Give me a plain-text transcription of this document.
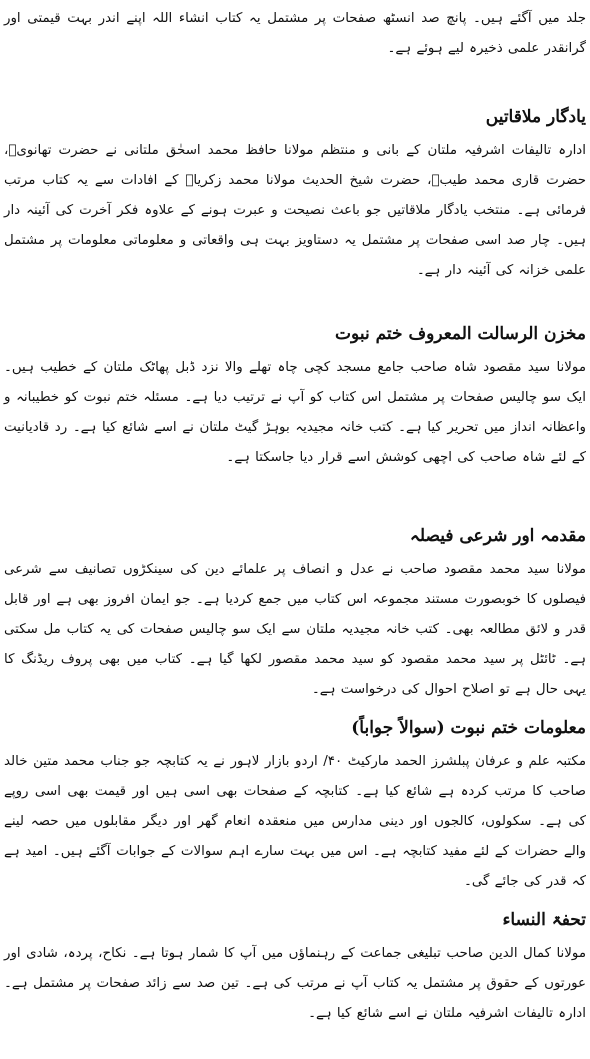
جلد میں آگئے ہیں۔ پانچ صد انسٹھ صفحات پر مشتمل یہ کتاب انشاء اللہ اپنے اندر بہت قیمتی اور گرانقدر علمی ذخیرہ لیے ہوئے ہے۔

یادگار ملاقاتیں

ادارہ تالیفات اشرفیہ ملتان کے بانی و منتظم مولانا حافظ محمد اسحٰق ملتانی نے حضرت تھانویؒ، حضرت قاری محمد طیبؒ، حضرت شیخ الحدیث مولانا محمد زکریاؒ کے افادات سے یہ کتاب مرتب فرمائی ہے۔ منتخب یادگار ملاقاتیں جو باعث نصیحت و عبرت ہونے کے علاوہ فکر آخرت کی آئینہ دار ہیں۔ چار صد اسی صفحات پر مشتمل یہ دستاویز بہت ہی واقعاتی و معلوماتی معلومات پر مشتمل علمی خزانہ کی آئینہ دار ہے۔

مخزن الرسالت المعروف ختم نبوت

مولانا سید مقصود شاہ صاحب جامع مسجد کچی چاہ تھلے والا نزد ڈبل پھاٹک ملتان کے خطیب ہیں۔ ایک سو چالیس صفحات پر مشتمل اس کتاب کو آپ نے ترتیب دیا ہے۔ مسئلہ ختم نبوت کو خطیبانہ و واعظانہ انداز میں تحریر کیا ہے۔ کتب خانہ مجیدیہ بوہڑ گیٹ ملتان نے اسے شائع کیا ہے۔ رد قادیانیت کے لئے شاہ صاحب کی اچھی کوشش اسے قرار دیا جاسکتا ہے۔

مقدمہ اور شرعی فیصلہ

مولانا سید محمد مقصود صاحب نے عدل و انصاف پر علمائے دین کی سینکڑوں تصانیف سے شرعی فیصلوں کا خوبصورت مستند مجموعہ اس کتاب میں جمع کردیا ہے۔ جو ایمان افروز بھی ہے اور قابل قدر و لائق مطالعہ بھی۔ کتب خانہ مجیدیہ ملتان سے ایک سو چالیس صفحات کی یہ کتاب مل سکتی ہے۔ ٹائٹل پر سید محمد مقصود کو سید محمد مقصور لکھا گیا ہے۔ کتاب میں بھی پروف ریڈنگ کا یہی حال ہے تو اصلاح احوال کی درخواست ہے۔

معلومات ختم نبوت (سوالاً جواباً)

مکتبہ علم و عرفان پبلشرز الحمد مارکیٹ ۴۰/ اردو بازار لاہور نے یہ کتابچہ جو جناب محمد متین خالد صاحب کا مرتب کردہ ہے شائع کیا ہے۔ کتابچہ کے صفحات بھی اسی ہیں اور قیمت بھی اسی روپے کی ہے۔ سکولوں، کالجوں اور دینی مدارس میں منعقدہ انعام گھر اور دیگر مقابلوں میں حصہ لینے والے حضرات کے لئے مفید کتابچہ ہے۔ اس میں بہت سارے اہم سوالات کے جوابات آگئے ہیں۔ امید ہے کہ قدر کی جائے گی۔

تحفۃ النساء

مولانا کمال الدین صاحب تبلیغی جماعت کے رہنماؤں میں آپ کا شمار ہوتا ہے۔ نکاح، پردہ، شادی اور عورتوں کے حقوق پر مشتمل یہ کتاب آپ نے مرتب کی ہے۔ تین صد سے زائد صفحات پر مشتمل ہے۔ ادارہ تالیفات اشرفیہ ملتان نے اسے شائع کیا ہے۔
